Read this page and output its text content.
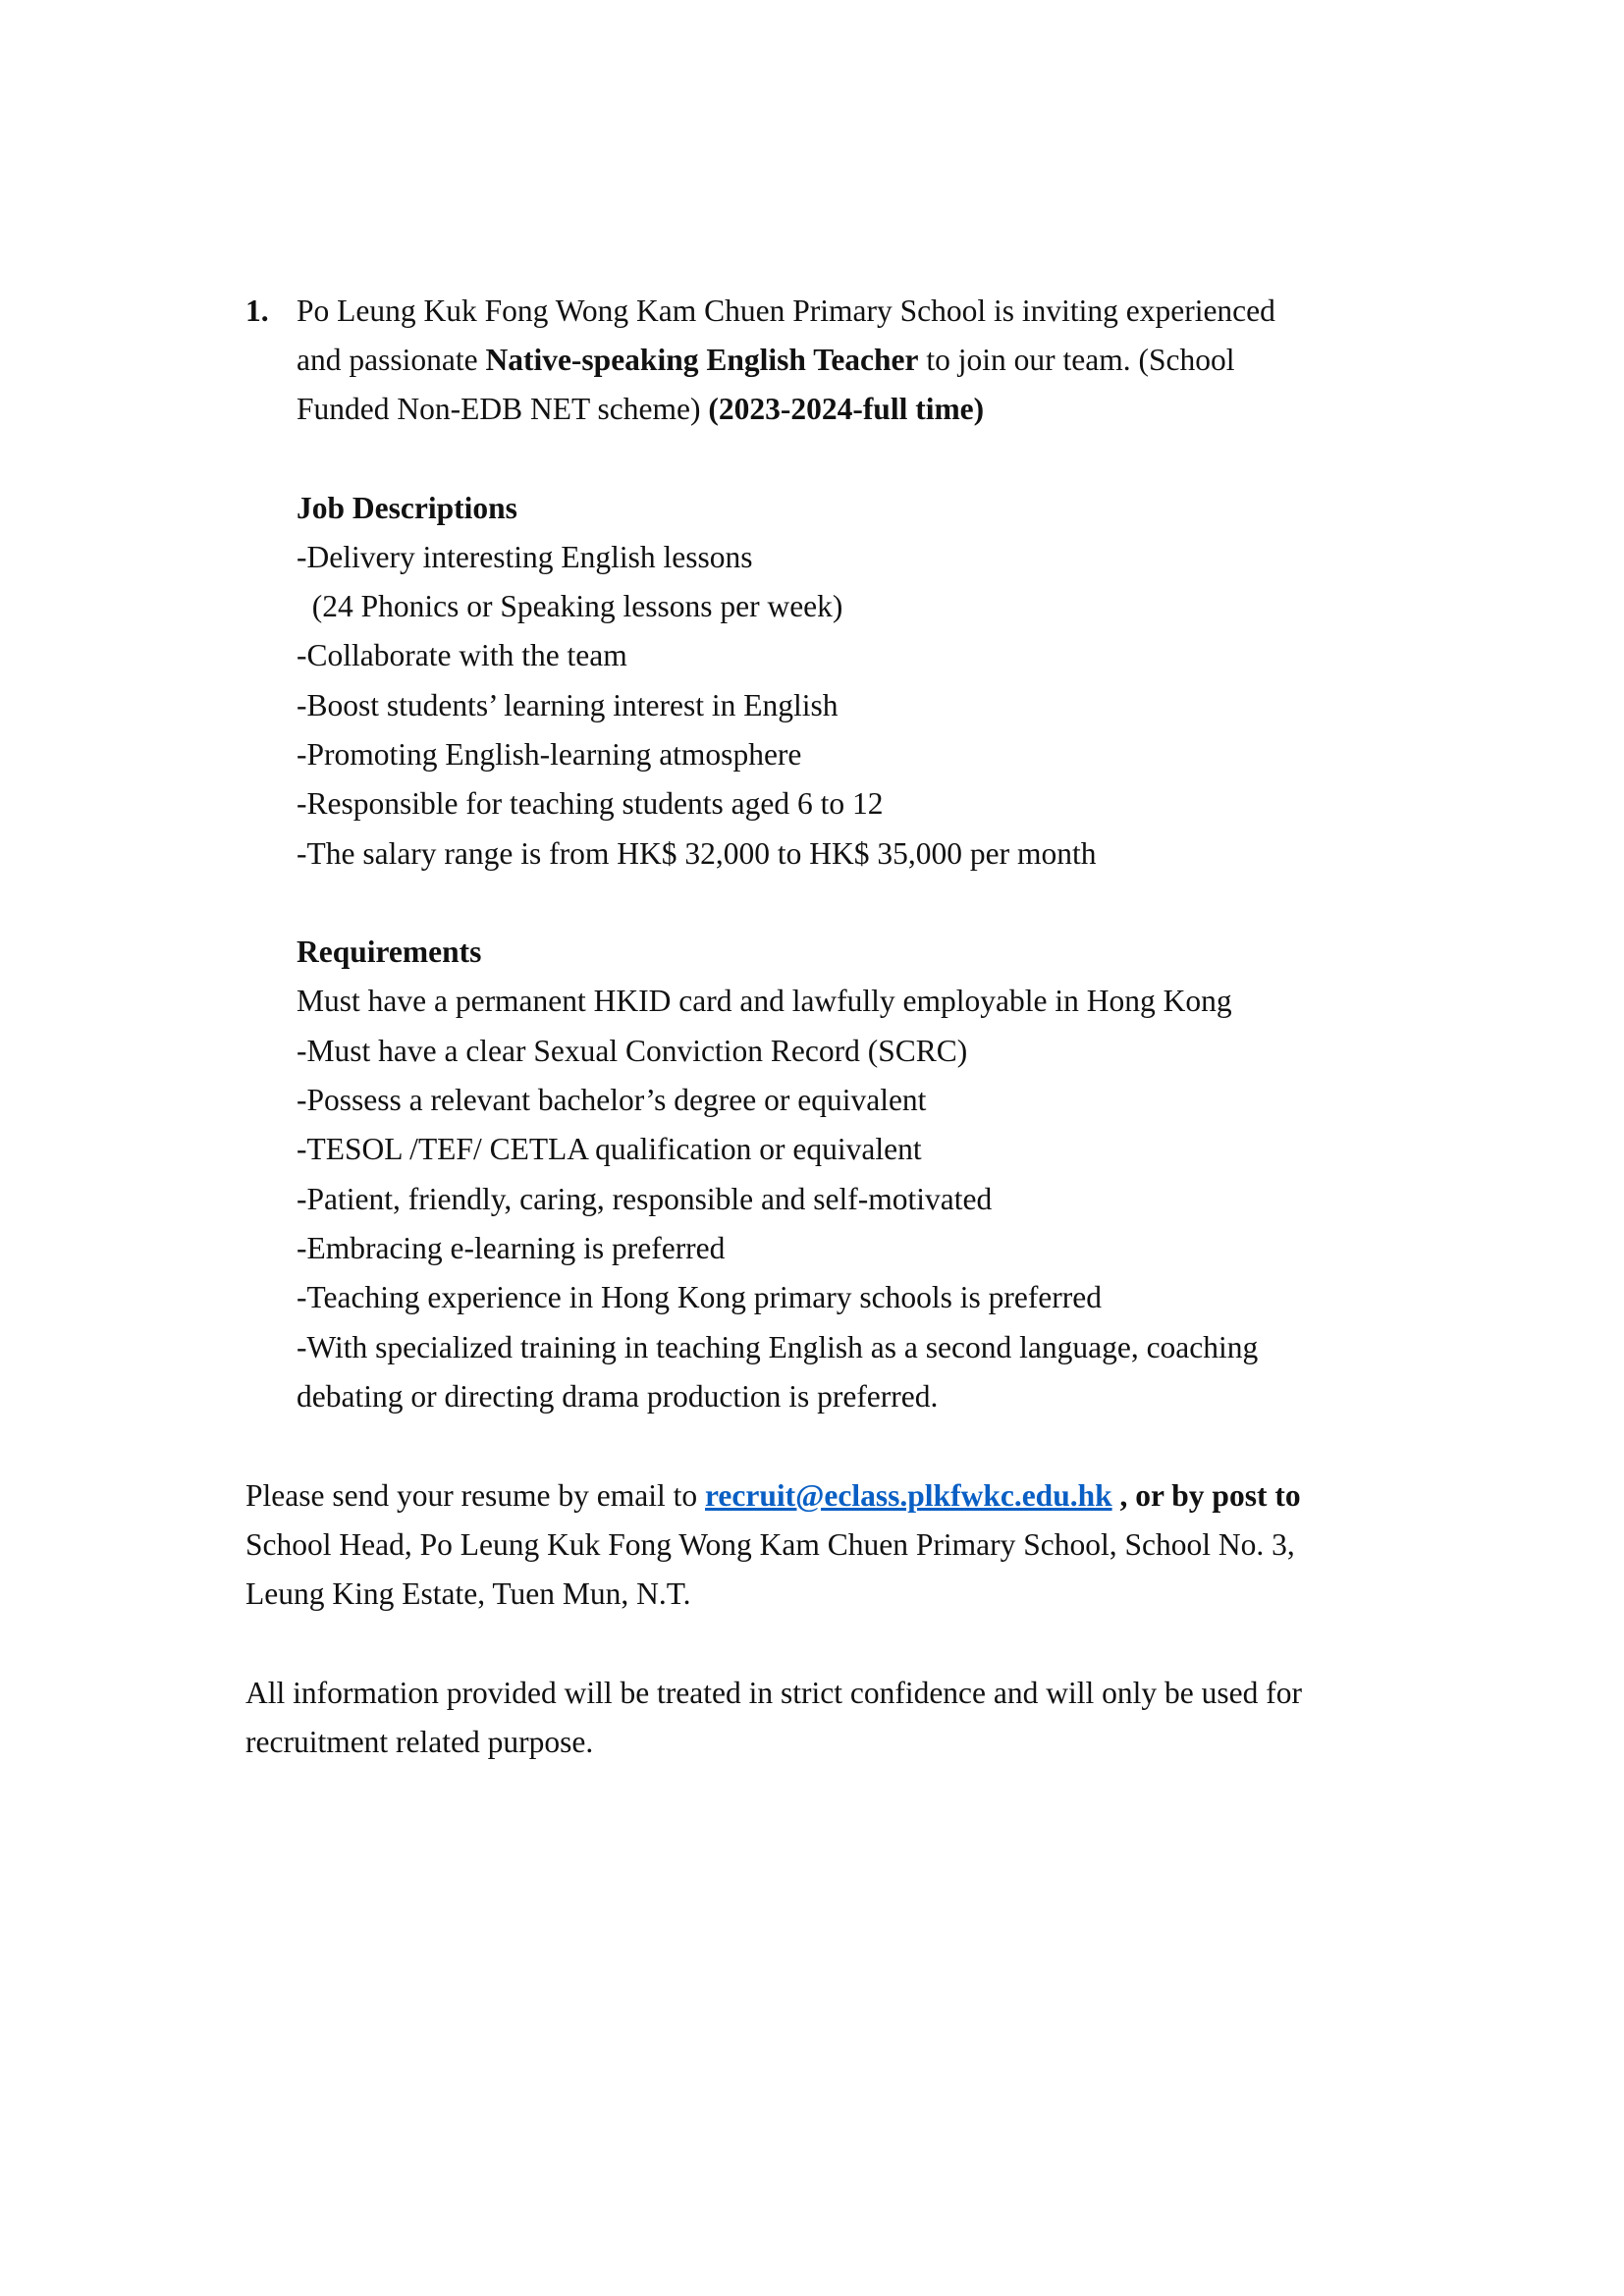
1. Po Leung Kuk Fong Wong Kam Chuen Primary School is inviting experienced
and passionate Native-speaking English Teacher to join our team. (School
Funded Non-EDB NET scheme) (2023-2024-full time)
Job Descriptions
-Delivery interesting English lessons
(24 Phonics or Speaking lessons per week)
-Collaborate with the team
-Boost students’ learning interest in English
-Promoting English-learning atmosphere
-Responsible for teaching students aged 6 to 12
-The salary range is from HK$ 32,000 to HK$ 35,000 per month
Requirements
Must have a permanent HKID card and lawfully employable in Hong Kong
-Must have a clear Sexual Conviction Record (SCRC)
-Possess a relevant bachelor’s degree or equivalent
-TESOL /TEF/ CETLA qualification or equivalent
-Patient, friendly, caring, responsible and self-motivated
-Embracing e-learning is preferred
-Teaching experience in Hong Kong primary schools is preferred
-With specialized training in teaching English as a second language, coaching
debating or directing drama production is preferred.
Please send your resume by email to recruit@eclass.plkfwkc.edu.hk , or by post to
School Head, Po Leung Kuk Fong Wong Kam Chuen Primary School, School No. 3,
Leung King Estate, Tuen Mun, N.T.
All information provided will be treated in strict confidence and will only be used for
recruitment related purpose.
